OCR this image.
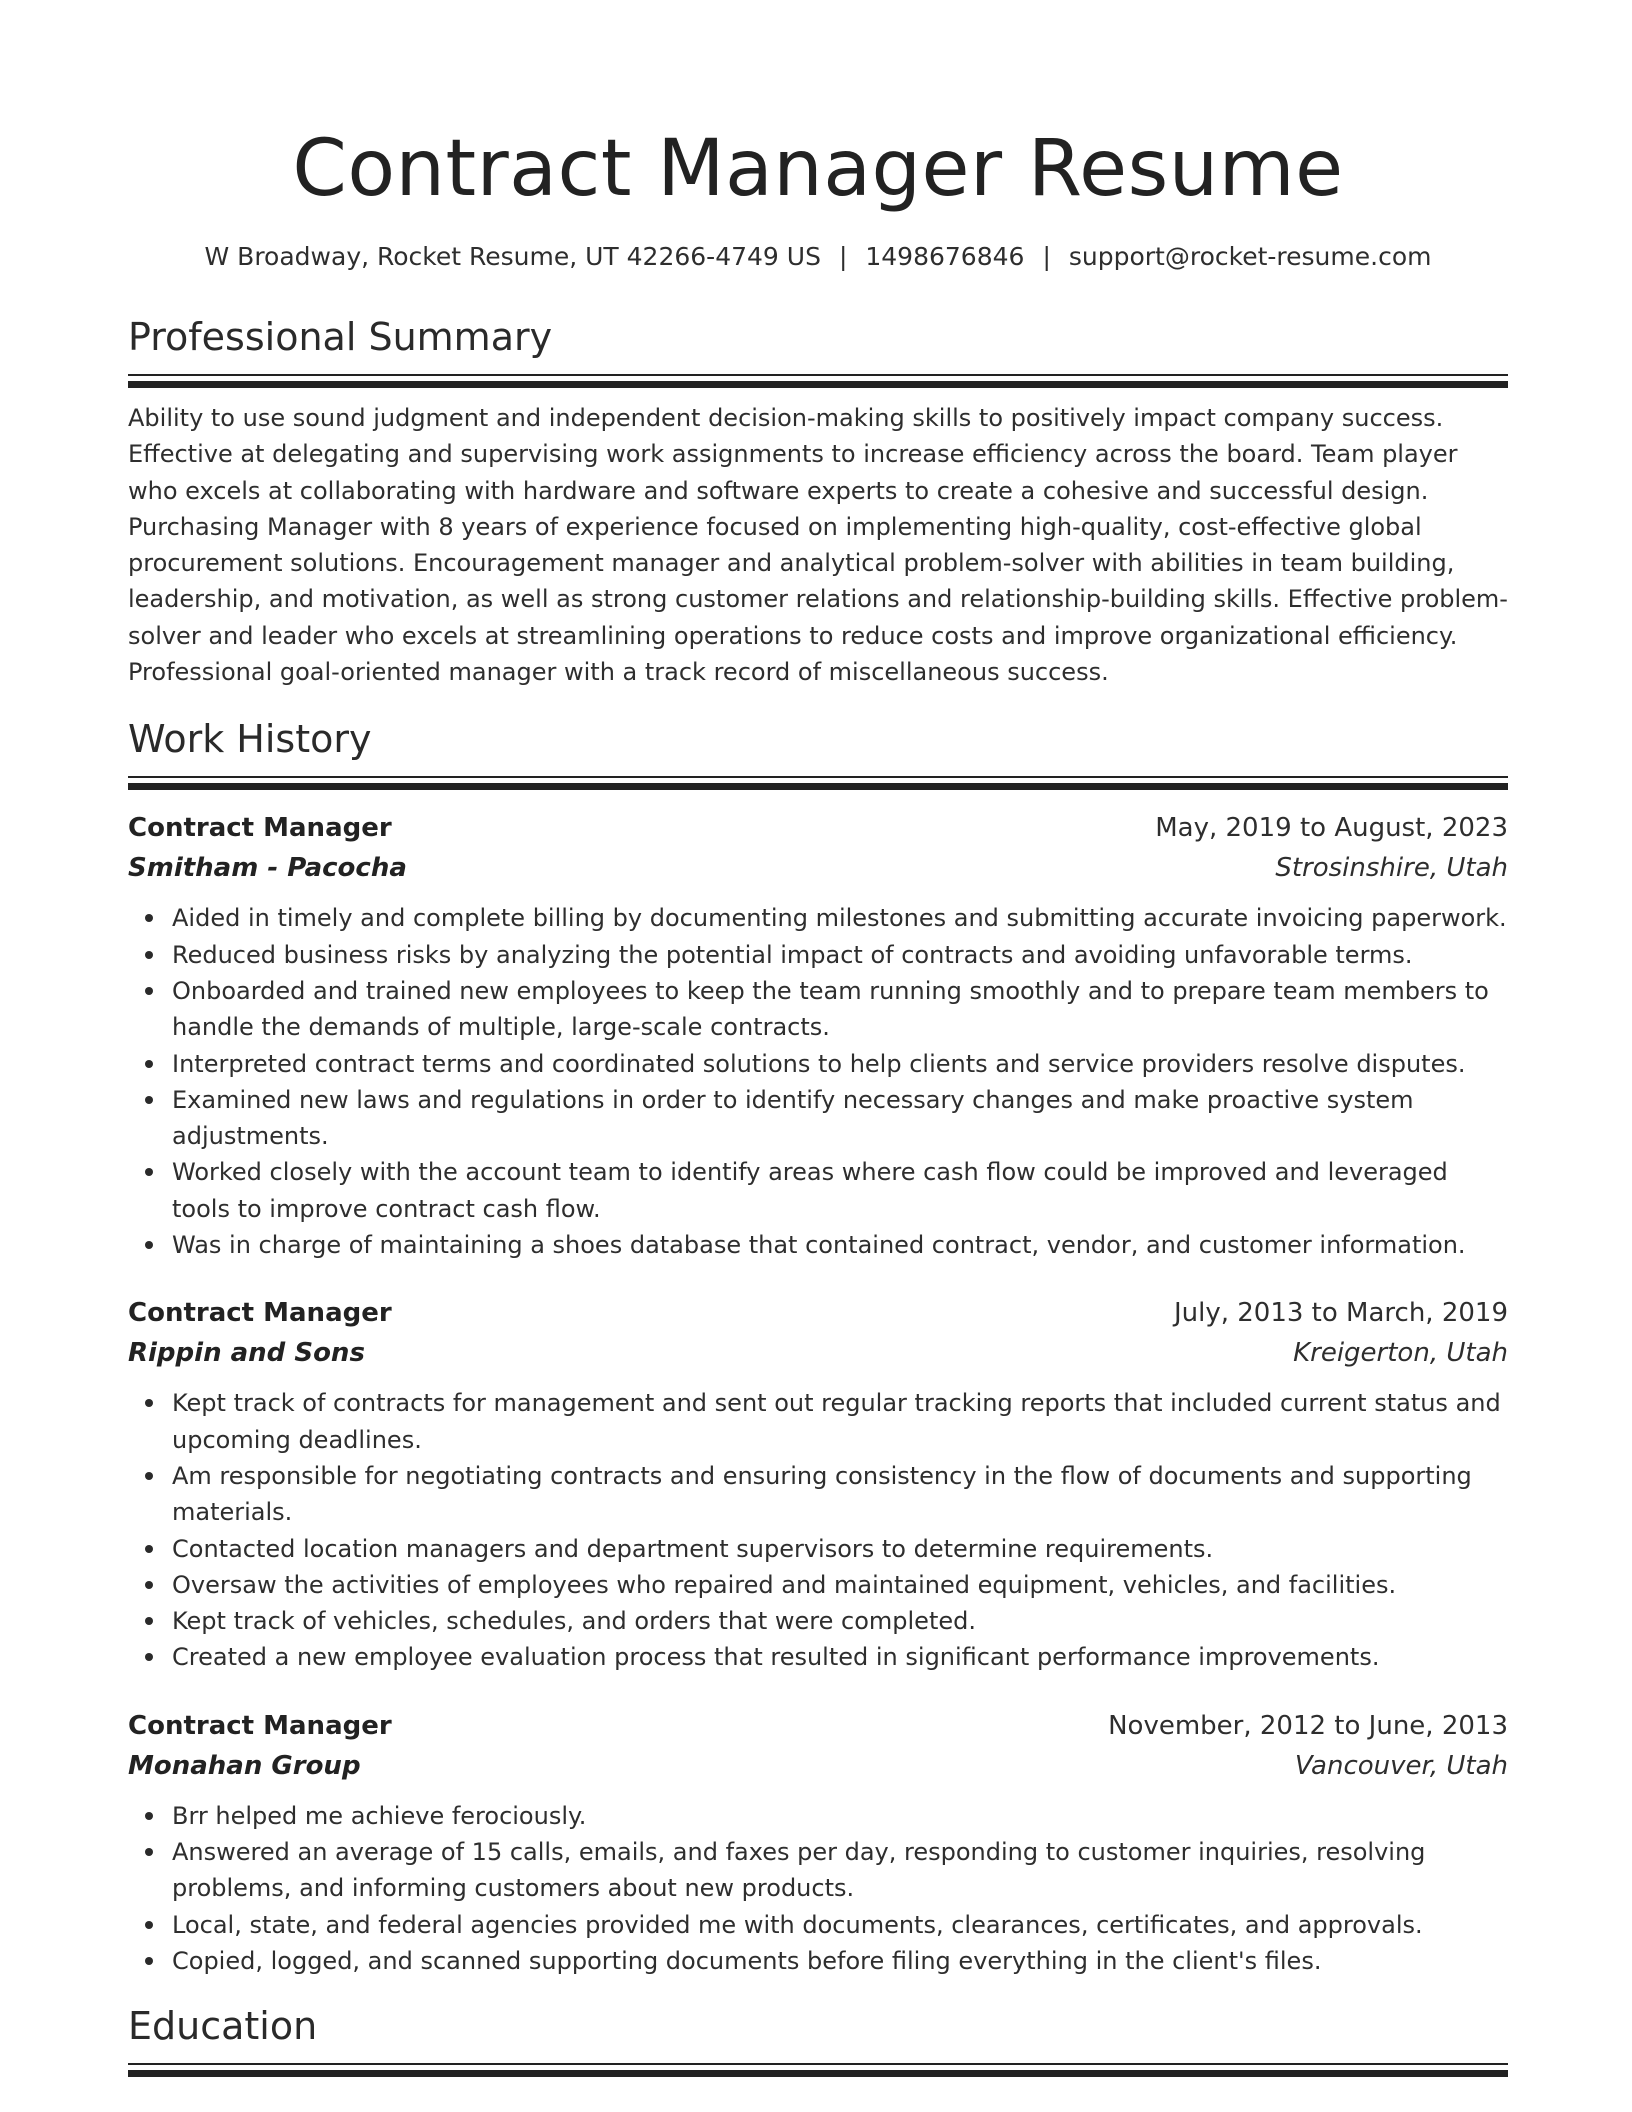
Contract Manager Resume
W Broadway, Rocket Resume, UT 42266-4749 US | 1498676846 | support@rocket-resume.com
Professional Summary

Ability to use sound judgment and independent decision-making skills to positively impact company success. Effective at delegating and supervising work assignments to increase efficiency across the board. Team player who excels at collaborating with hardware and software experts to create a cohesive and successful design. Purchasing Manager with 8 years of experience focused on implementing high-quality, cost-effective global procurement solutions. Encouragement manager and analytical problem-solver with abilities in team building, leadership, and motivation, as well as strong customer relations and relationship-building skills. Effective problem-solver and leader who excels at streamlining operations to reduce costs and improve organizational efficiency. Professional goal-oriented manager with a track record of miscellaneous success.

Work History
Contract Manager	May, 2019 to August, 2023
Smitham - Pacocha	Strosinshire, Utah
Aided in timely and complete billing by documenting milestones and submitting accurate invoicing paperwork.
Reduced business risks by analyzing the potential impact of contracts and avoiding unfavorable terms.
Onboarded and trained new employees to keep the team running smoothly and to prepare team members to handle the demands of multiple, large-scale contracts.
Interpreted contract terms and coordinated solutions to help clients and service providers resolve disputes.
Examined new laws and regulations in order to identify necessary changes and make proactive system adjustments.
Worked closely with the account team to identify areas where cash flow could be improved and leveraged tools to improve contract cash flow.
Was in charge of maintaining a shoes database that contained contract, vendor, and customer information.
Contract Manager	July, 2013 to March, 2019
Rippin and Sons	Kreigerton, Utah
Kept track of contracts for management and sent out regular tracking reports that included current status and upcoming deadlines.
Am responsible for negotiating contracts and ensuring consistency in the flow of documents and supporting materials.
Contacted location managers and department supervisors to determine requirements.
Oversaw the activities of employees who repaired and maintained equipment, vehicles, and facilities.
Kept track of vehicles, schedules, and orders that were completed.
Created a new employee evaluation process that resulted in significant performance improvements.
Contract Manager	November, 2012 to June, 2013
Monahan Group	Vancouver, Utah
Brr helped me achieve ferociously.
Answered an average of 15 calls, emails, and faxes per day, responding to customer inquiries, resolving problems, and informing customers about new products.
Local, state, and federal agencies provided me with documents, clearances, certificates, and approvals.
Copied, logged, and scanned supporting documents before filing everything in the client's files.
Education
